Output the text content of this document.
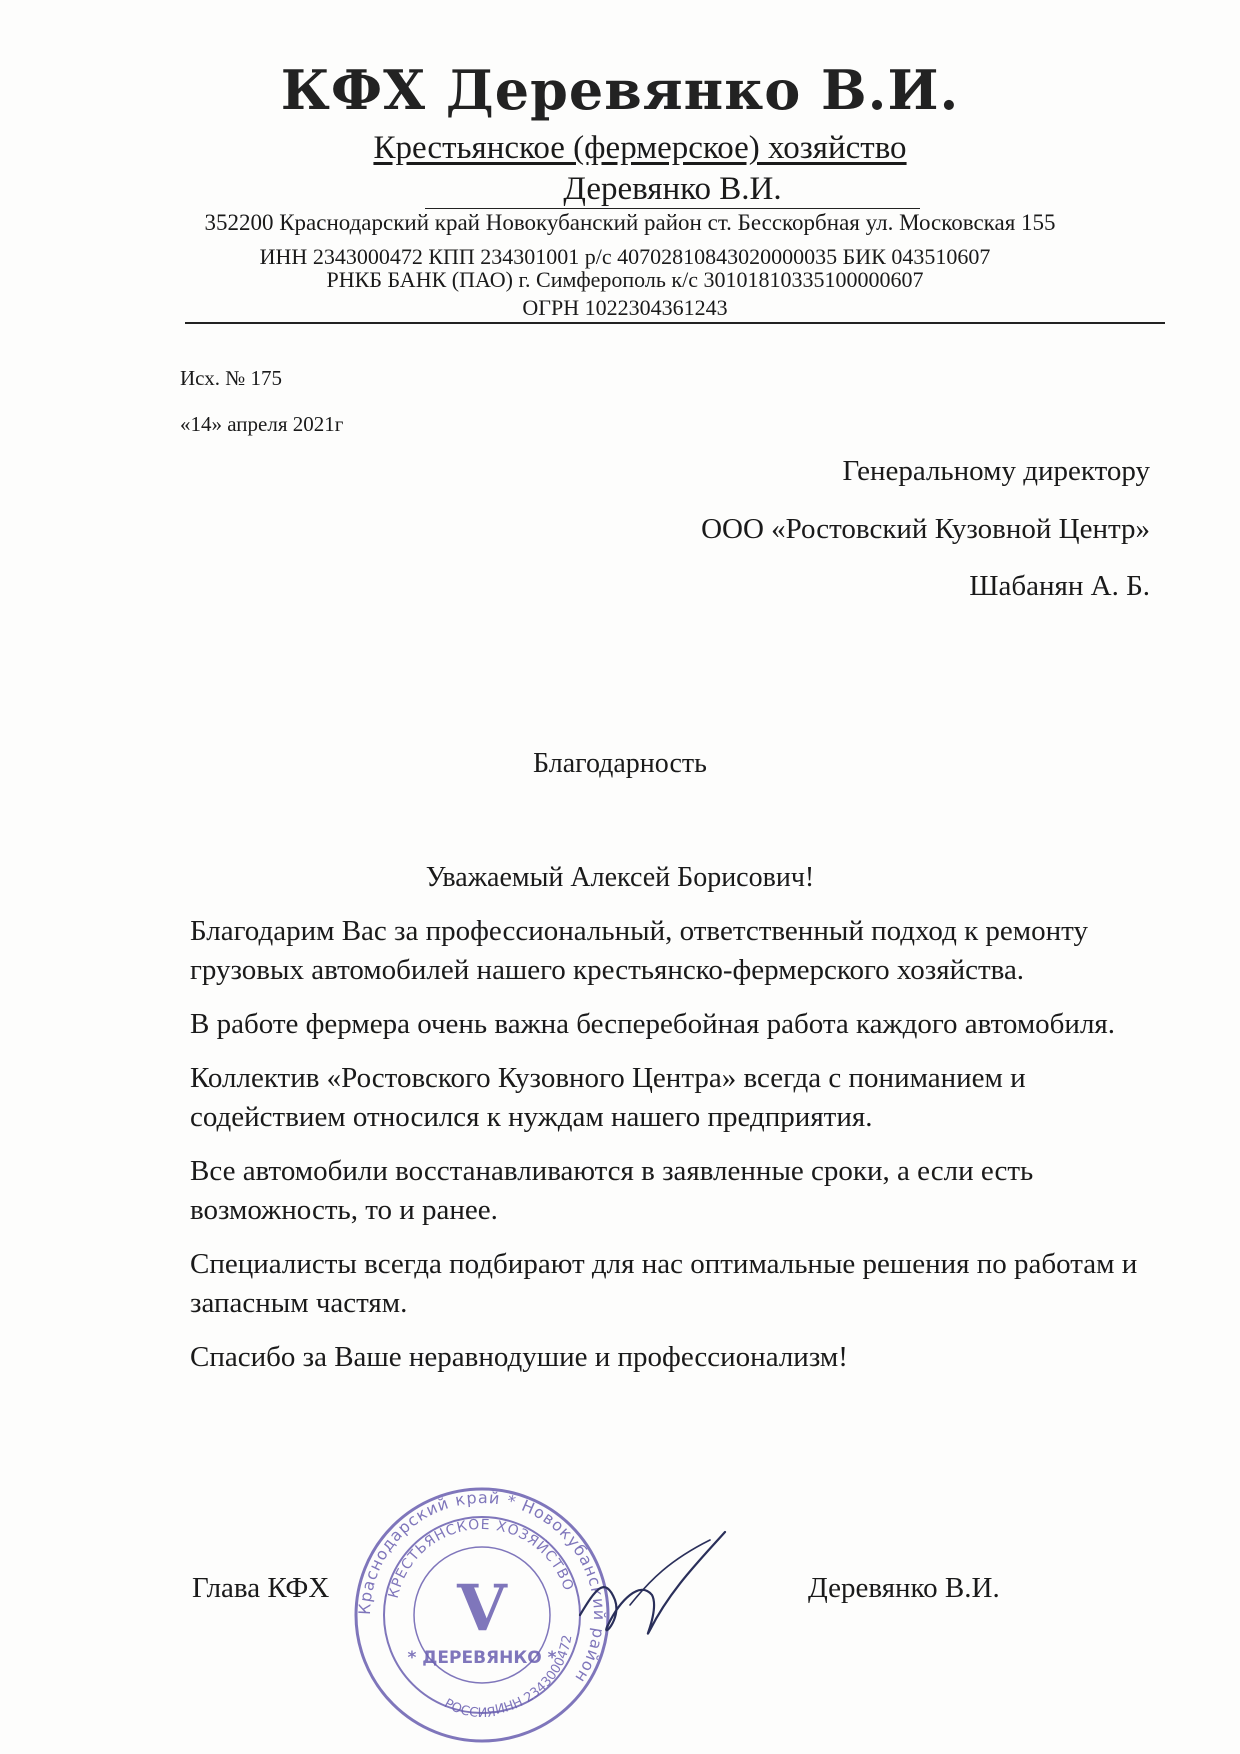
КФХ Деревянко В.И.
Крестьянское (фермерское) хозяйство
Деревянко В.И.
352200 Краснодарский край Новокубанский район ст. Бесскорбная ул. Московская 155
ИНН 2343000472 КПП 234301001 р/с 40702810843020000035 БИК 043510607
РНКБ БАНК (ПАО) г. Симферополь к/с 30101810335100000607
ОГРН 1022304361243
Исх. № 175
«14» апреля 2021г
Генеральному директору
ООО «Ростовский Кузовной Центр»
Шабанян А. Б.
Благодарность
Уважаемый Алексей Борисович!

Благодарим Вас за профессиональный, ответственный подход к ремонту грузовых автомобилей нашего крестьянско-фермерского хозяйства.

В работе фермера очень важна бесперебойная работа каждого автомобиля.

Коллектив «Ростовского Кузовного Центра» всегда с пониманием и содействием относился к нуждам нашего предприятия.

Все автомобили восстанавливаются в заявленные сроки, а если есть возможность, то и ранее.

Специалисты всегда подбирают для нас оптимальные решения по работам и запасным частям.

Спасибо за Ваше неравнодушие и профессионализм!

Глава КФХ	Деревянко В.И.
Краснодарский край * Новокубанский район
КРЕСТЬЯНСКОЕ ХОЗЯЙСТВО
V
* ДЕРЕВЯНКО *
ИНН 2343000472
РОССИЯ
